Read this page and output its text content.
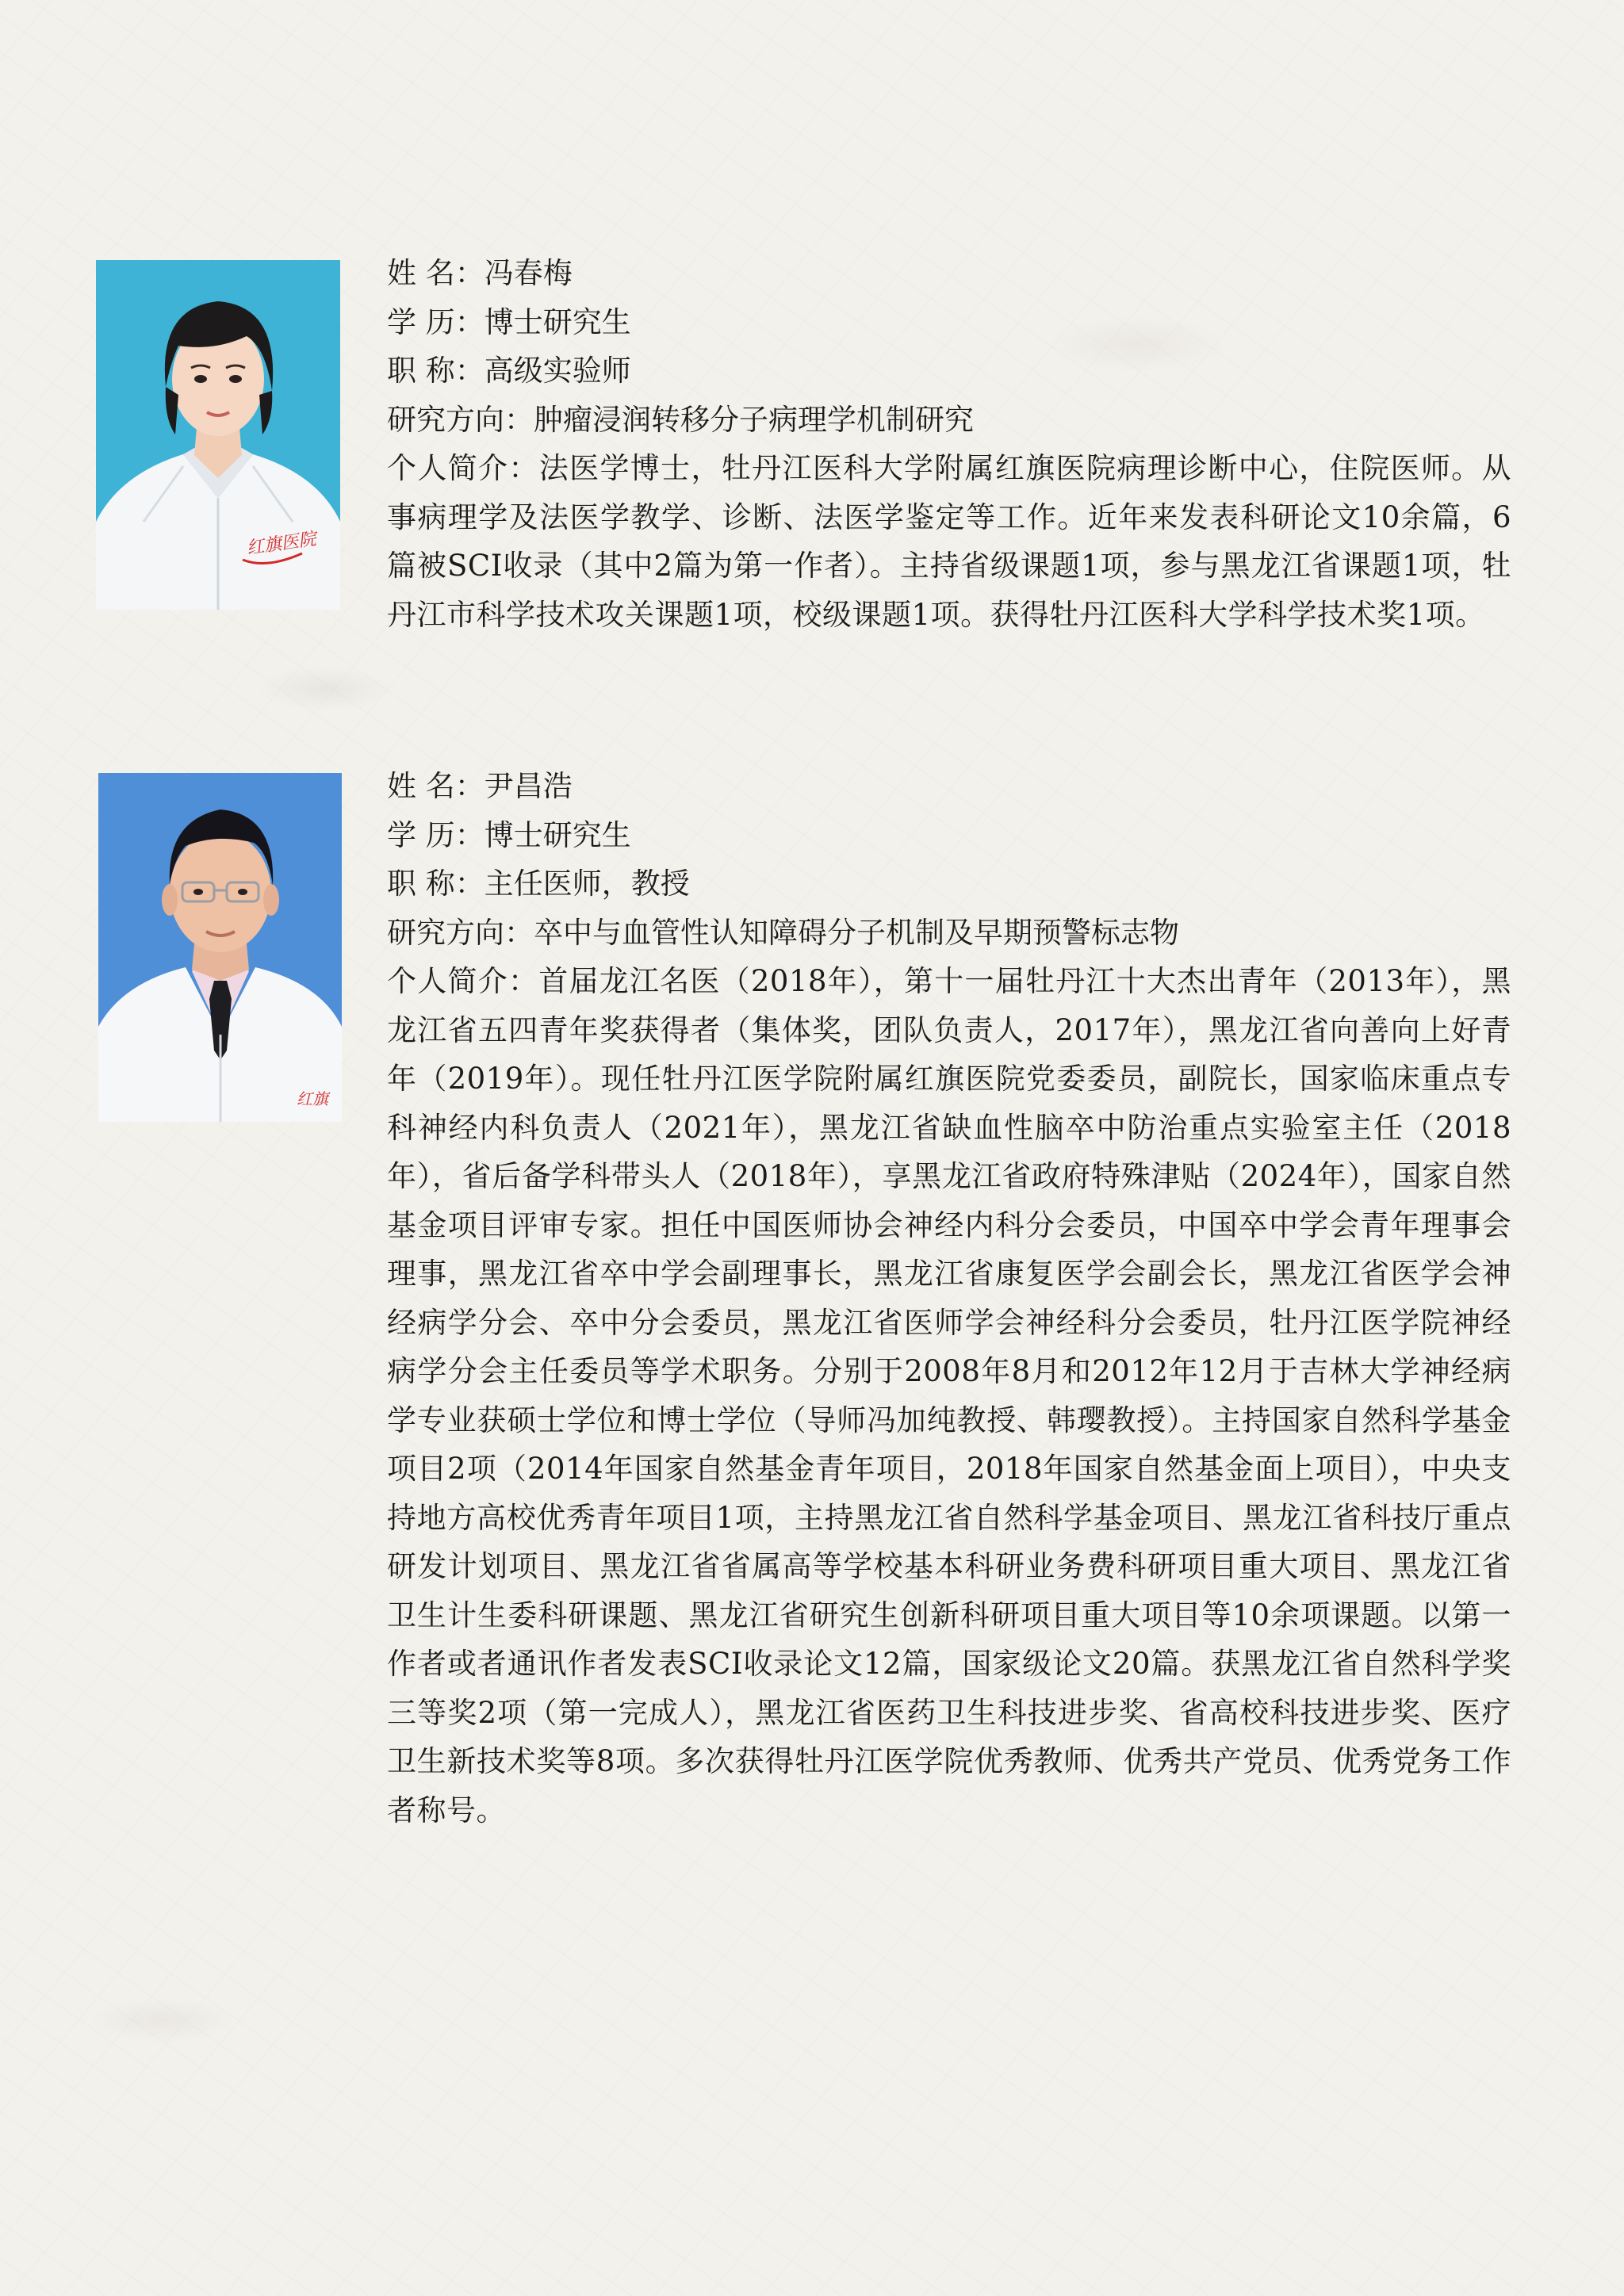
红旗医院
姓 名：冯春梅
学 历：博士研究生
职 称：高级实验师
研究方向：肿瘤浸润转移分子病理学机制研究
个人简介：法医学博士，牡丹江医科大学附属红旗医院病理诊断中心，住院医师。从事病理学及法医学教学、诊断、法医学鉴定等工作。近年来发表科研论文10余篇，6篇被SCI收录（其中2篇为第一作者）。主持省级课题1项，参与黑龙江省课题1项，牡丹江市科学技术攻关课题1项，校级课题1项。获得牡丹江医科大学科学技术奖1项。
红旗
姓 名：尹昌浩
学 历：博士研究生
职 称：主任医师，教授
研究方向：卒中与血管性认知障碍分子机制及早期预警标志物
个人简介：首届龙江名医（2018年），第十一届牡丹江十大杰出青年（2013年），黑龙江省五四青年奖获得者（集体奖，团队负责人，2017年），黑龙江省向善向上好青年（2019年）。现任牡丹江医学院附属红旗医院党委委员，副院长，国家临床重点专科神经内科负责人（2021年），黑龙江省缺血性脑卒中防治重点实验室主任（2018年），省后备学科带头人（2018年），享黑龙江省政府特殊津贴（2024年），国家自然基金项目评审专家。担任中国医师协会神经内科分会委员，中国卒中学会青年理事会理事，黑龙江省卒中学会副理事长，黑龙江省康复医学会副会长，黑龙江省医学会神经病学分会、卒中分会委员，黑龙江省医师学会神经科分会委员，牡丹江医学院神经病学分会主任委员等学术职务。分别于2008年8月和2012年12月于吉林大学神经病学专业获硕士学位和博士学位（导师冯加纯教授、韩璎教授）。主持国家自然科学基金项目2项（2014年国家自然基金青年项目，2018年国家自然基金面上项目），中央支持地方高校优秀青年项目1项，主持黑龙江省自然科学基金项目、黑龙江省科技厅重点研发计划项目、黑龙江省省属高等学校基本科研业务费科研项目重大项目、黑龙江省卫生计生委科研课题、黑龙江省研究生创新科研项目重大项目等10余项课题。以第一作者或者通讯作者发表SCI收录论文12篇，国家级论文20篇。获黑龙江省自然科学奖三等奖2项（第一完成人），黑龙江省医药卫生科技进步奖、省高校科技进步奖、医疗卫生新技术奖等8项。多次获得牡丹江医学院优秀教师、优秀共产党员、优秀党务工作者称号。
